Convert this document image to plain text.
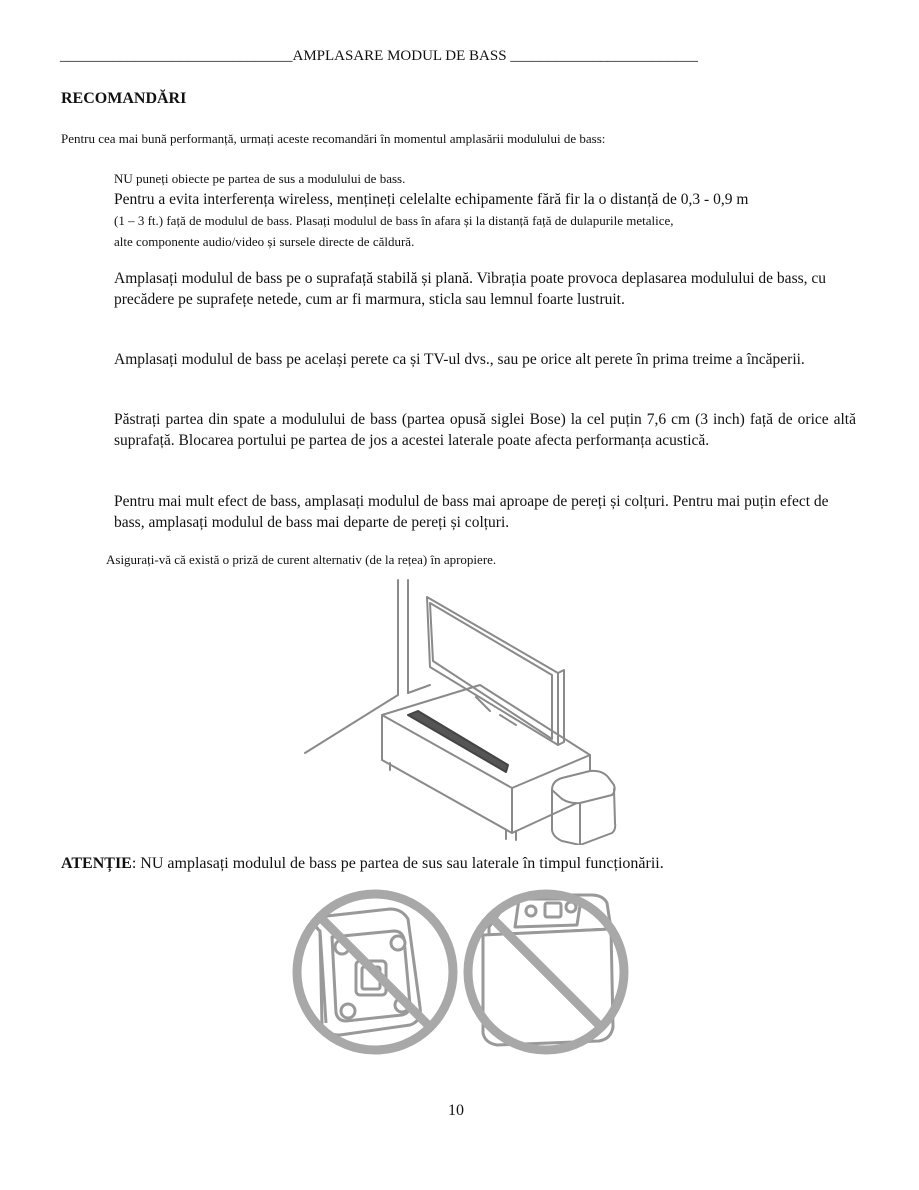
_______________________________AMPLASARE MODUL DE BASS _________________________
RECOMANDĂRI
Pentru cea mai bună performanță, urmați aceste recomandări în momentul amplasării modulului de bass:
NU puneți obiecte pe partea de sus a modulului de bass.
Pentru a evita interferența wireless, mențineți celelalte echipamente fără fir la o distanță de 0,3 - 0,9 m
(1 – 3 ft.) față de modulul de bass. Plasați modulul de bass în afara și la distanță față de dulapurile metalice,
alte componente audio/video și sursele directe de căldură.
Amplasați modulul de bass pe o suprafață stabilă și plană. Vibrația poate provoca deplasarea modulului de bass, cu precădere pe suprafețe netede, cum ar fi marmura, sticla sau lemnul foarte lustruit.
Amplasați modulul de bass pe același perete ca și TV-ul dvs., sau pe orice alt perete în prima treime a încăperii.
Păstrați partea din spate a modulului de bass (partea opusă siglei Bose) la cel puțin 7,6 cm (3 inch) față de orice altă suprafață. Blocarea portului pe partea de jos a acestei laterale poate afecta performanța acustică.
Pentru mai mult efect de bass, amplasați modulul de bass mai aproape de pereți și colțuri. Pentru mai puțin efect de bass, amplasați modulul de bass mai departe de pereți și colțuri.
Asigurați-vă că există o priză de curent alternativ (de la rețea) în apropiere.
ATENȚIE: NU amplasați modulul de bass pe partea de sus sau laterale în timpul funcționării.
10
